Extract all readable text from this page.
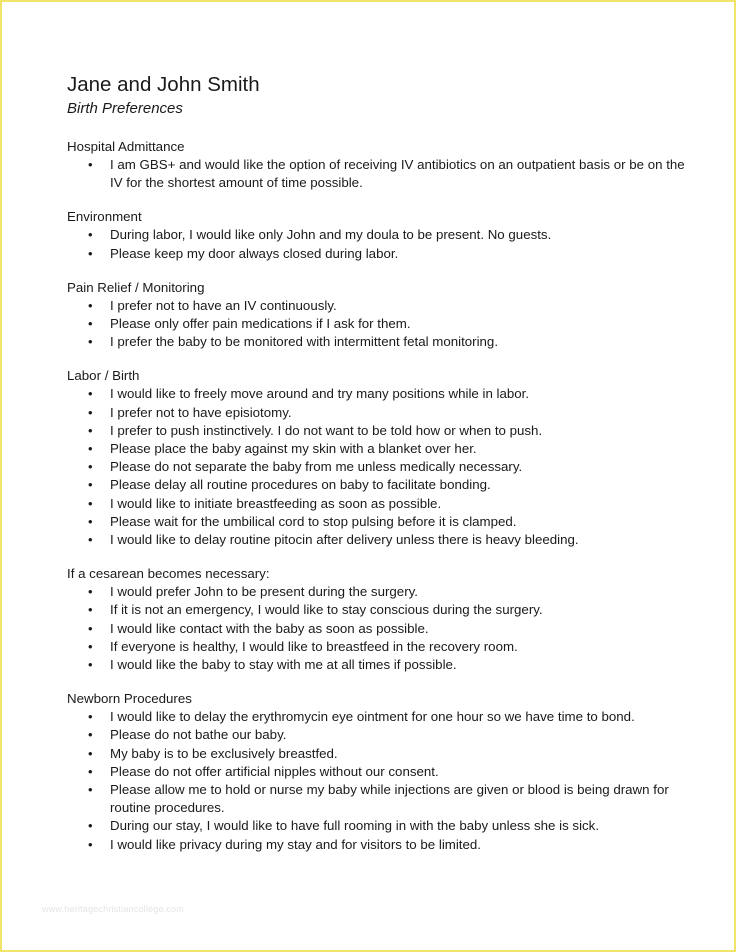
Jane and John Smith
Birth Preferences
Hospital Admittance
• I am GBS+ and would like the option of receiving IV antibiotics on an outpatient basis or be on the IV for the shortest amount of time possible.
Environment
• During labor, I would like only John and my doula to be present. No guests.
• Please keep my door always closed during labor.
Pain Relief / Monitoring
• I prefer not to have an IV continuously.
• Please only offer pain medications if I ask for them.
• I prefer the baby to be monitored with intermittent fetal monitoring.
Labor / Birth
• I would like to freely move around and try many positions while in labor.
• I prefer not to have episiotomy.
• I prefer to push instinctively. I do not want to be told how or when to push.
• Please place the baby against my skin with a blanket over her.
• Please do not separate the baby from me unless medically necessary.
• Please delay all routine procedures on baby to facilitate bonding.
• I would like to initiate breastfeeding as soon as possible.
• Please wait for the umbilical cord to stop pulsing before it is clamped.
• I would like to delay routine pitocin after delivery unless there is heavy bleeding.
If a cesarean becomes necessary:
• I would prefer John to be present during the surgery.
• If it is not an emergency, I would like to stay conscious during the surgery.
• I would like contact with the baby as soon as possible.
• If everyone is healthy, I would like to breastfeed in the recovery room.
• I would like the baby to stay with me at all times if possible.
Newborn Procedures
• I would like to delay the erythromycin eye ointment for one hour so we have time to bond.
• Please do not bathe our baby.
• My baby is to be exclusively breastfed.
• Please do not offer artificial nipples without our consent.
• Please allow me to hold or nurse my baby while injections are given or blood is being drawn for routine procedures.
• During our stay, I would like to have full rooming in with the baby unless she is sick.
• I would like privacy during my stay and for visitors to be limited.
www.heritagechristiancollege.com
